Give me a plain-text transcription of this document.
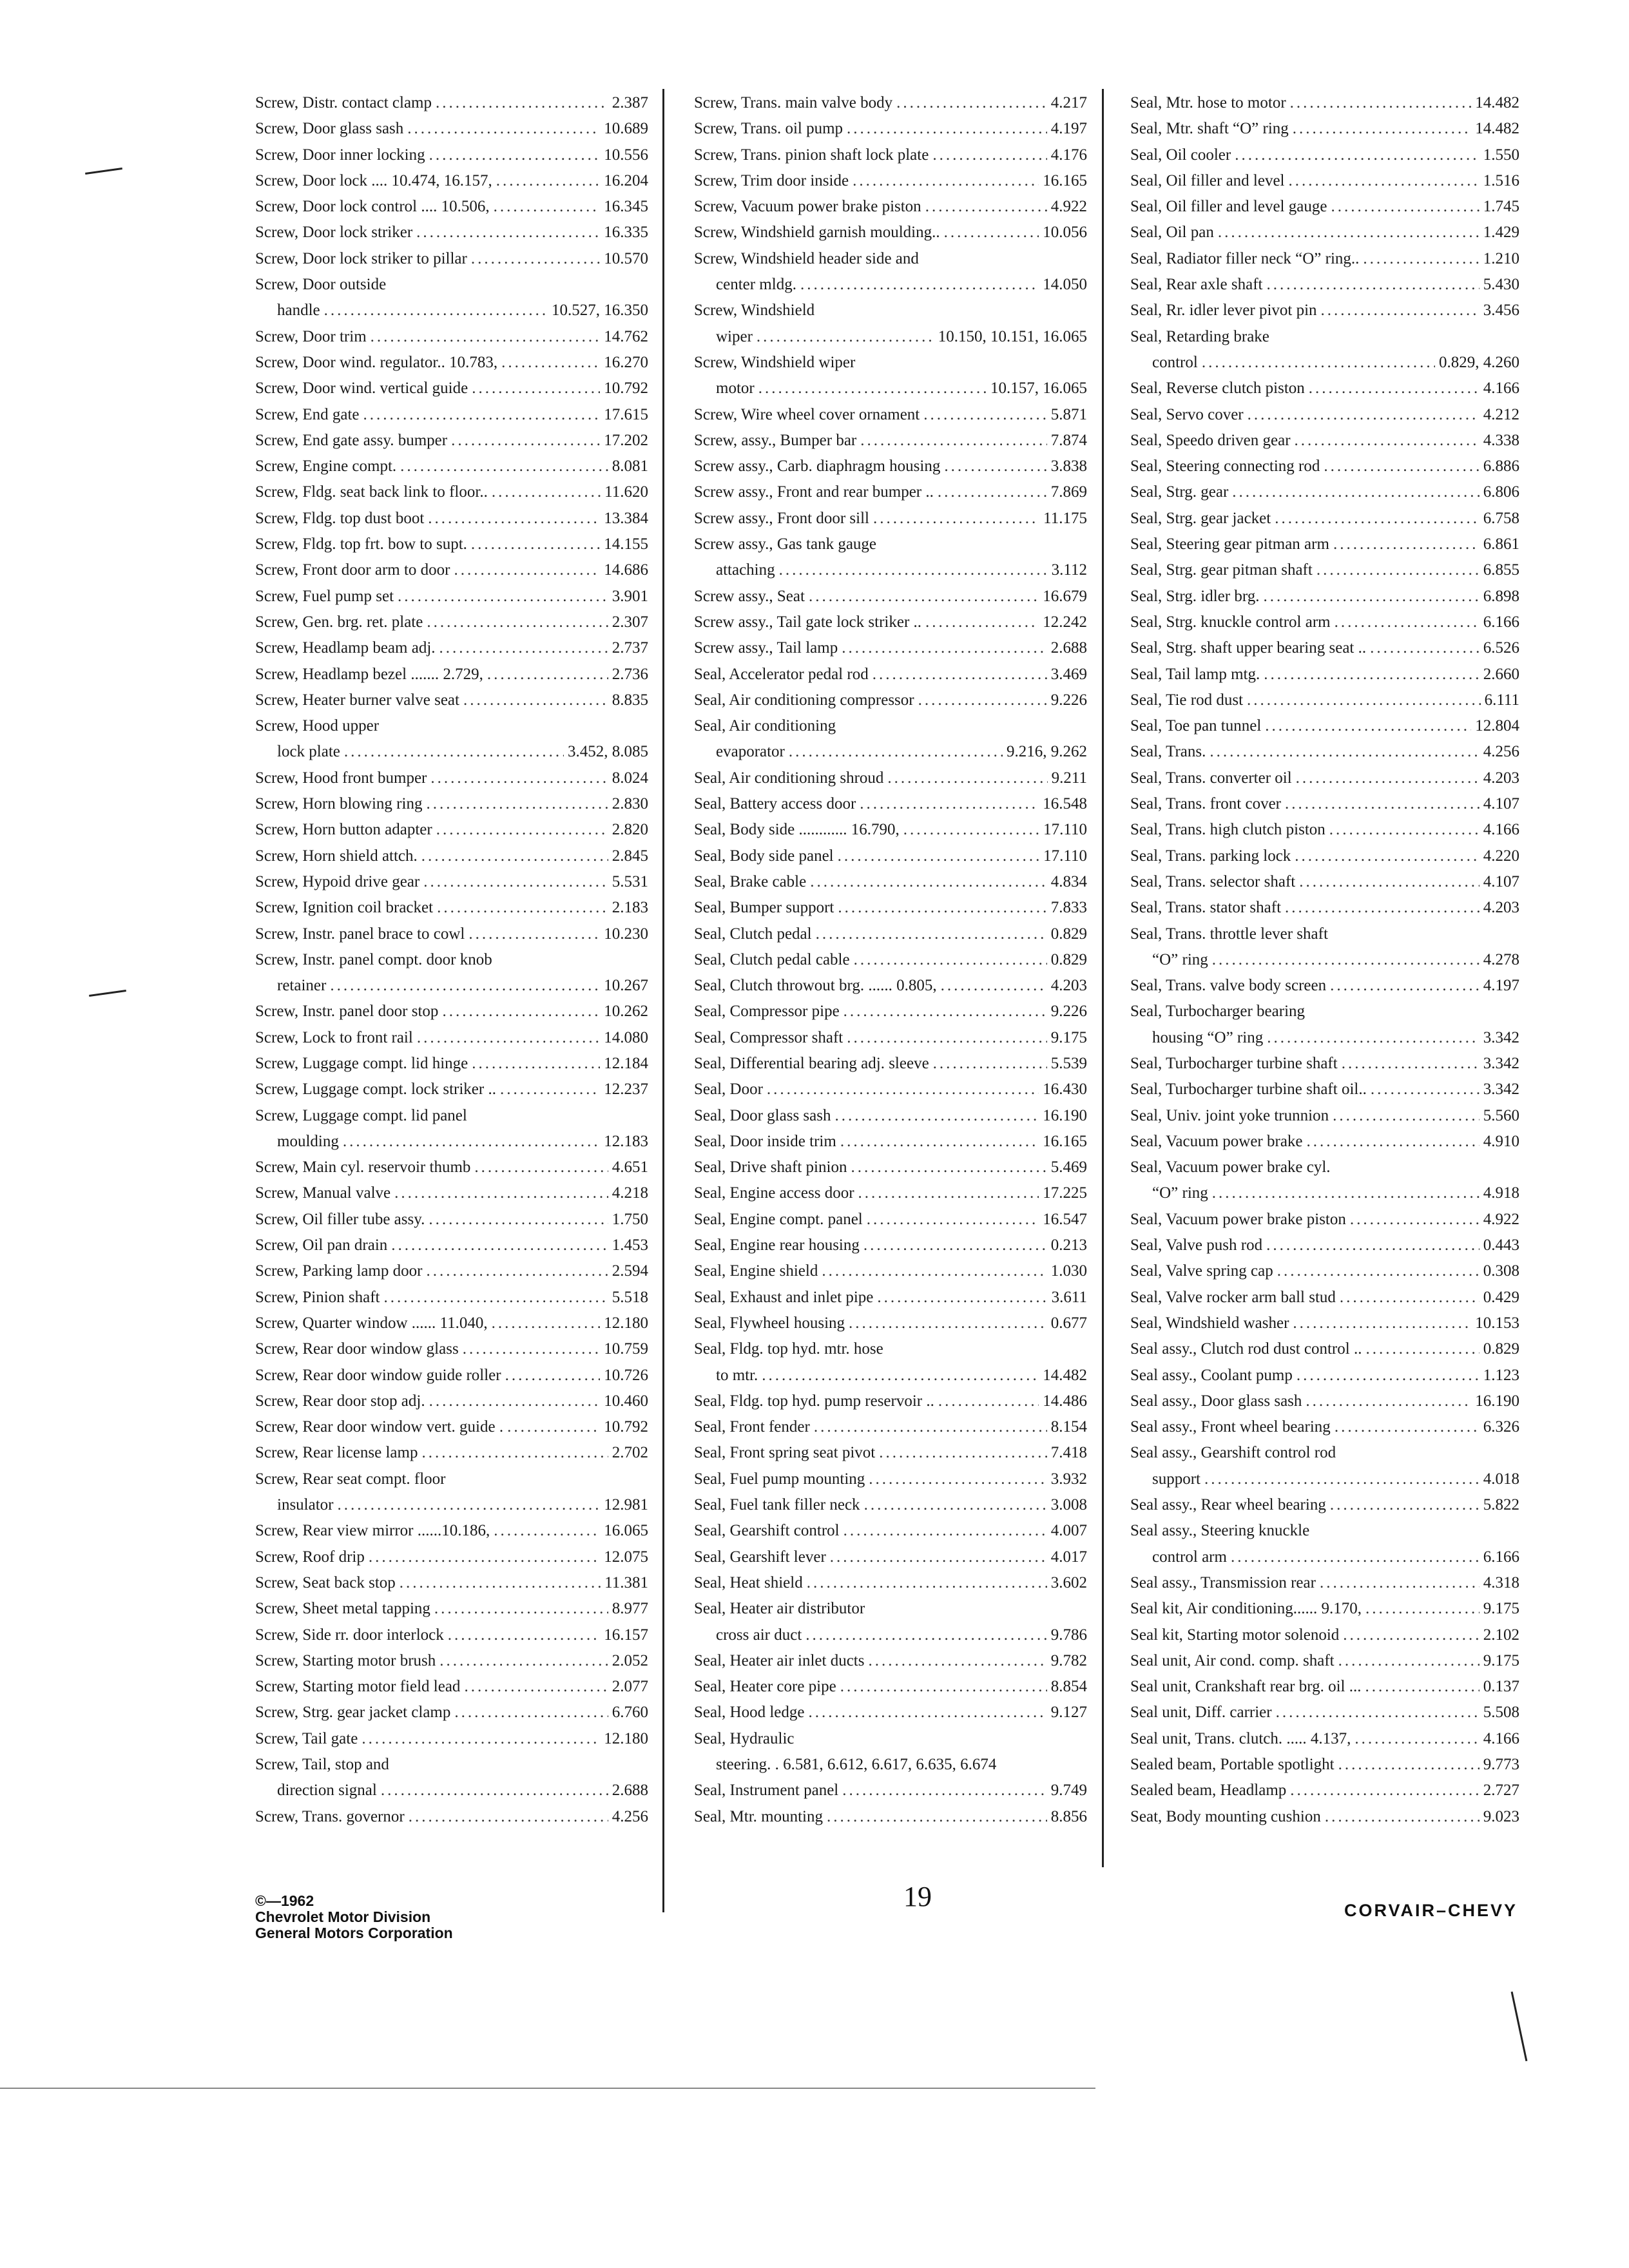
Screw, Distr. contact clamp .....	2.387
Screw, Door glass sash .....	10.689
Screw, Door inner locking .....	10.556
Screw, Door lock .... 10.474, 16.157, .....	16.204
Screw, Door lock control .... 10.506, .....	16.345
Screw, Door lock striker .....	16.335
Screw, Door lock striker to pillar .....	10.570
Screw, Door outside
handle .....	10.527, 16.350
Screw, Door trim .....	14.762
Screw, Door wind. regulator.. 10.783, .....	16.270
Screw, Door wind. vertical guide .....	10.792
Screw, End gate .....	17.615
Screw, End gate assy. bumper .....	17.202
Screw, Engine compt. .....	8.081
Screw, Fldg. seat back link to floor.. .....	11.620
Screw, Fldg. top dust boot .....	13.384
Screw, Fldg. top frt. bow to supt. .....	14.155
Screw, Front door arm to door .....	14.686
Screw, Fuel pump set .....	3.901
Screw, Gen. brg. ret. plate .....	2.307
Screw, Headlamp beam adj. .....	2.737
Screw, Headlamp bezel ....... 2.729, .....	2.736
Screw, Heater burner valve seat .....	8.835
Screw, Hood upper
lock plate .....	3.452, 8.085
Screw, Hood front bumper .....	8.024
Screw, Horn blowing ring .....	2.830
Screw, Horn button adapter .....	2.820
Screw, Horn shield attch. .....	2.845
Screw, Hypoid drive gear .....	5.531
Screw, Ignition coil bracket .....	2.183
Screw, Instr. panel brace to cowl .....	10.230
Screw, Instr. panel compt. door knob
retainer .....	10.267
Screw, Instr. panel door stop .....	10.262
Screw, Lock to front rail .....	14.080
Screw, Luggage compt. lid hinge .....	12.184
Screw, Luggage compt. lock striker .. .....	12.237
Screw, Luggage compt. lid panel
moulding .....	12.183
Screw, Main cyl. reservoir thumb .....	4.651
Screw, Manual valve .....	4.218
Screw, Oil filler tube assy. .....	1.750
Screw, Oil pan drain .....	1.453
Screw, Parking lamp door .....	2.594
Screw, Pinion shaft .....	5.518
Screw, Quarter window ...... 11.040, .....	12.180
Screw, Rear door window glass .....	10.759
Screw, Rear door window guide roller .....	10.726
Screw, Rear door stop adj. .....	10.460
Screw, Rear door window vert. guide . .....	10.792
Screw, Rear license lamp .....	2.702
Screw, Rear seat compt. floor
insulator .....	12.981
Screw, Rear view mirror ......10.186, .....	16.065
Screw, Roof drip .....	12.075
Screw, Seat back stop .....	11.381
Screw, Sheet metal tapping .....	8.977
Screw, Side rr. door interlock .....	16.157
Screw, Starting motor brush .....	2.052
Screw, Starting motor field lead .....	2.077
Screw, Strg. gear jacket clamp .....	6.760
Screw, Tail gate .....	12.180
Screw, Tail, stop and
direction signal .....	2.688
Screw, Trans. governor .....	4.256
Screw, Trans. main valve body .....	4.217
Screw, Trans. oil pump .....	4.197
Screw, Trans. pinion shaft lock plate .....	4.176
Screw, Trim door inside .....	16.165
Screw, Vacuum power brake piston .....	4.922
Screw, Windshield garnish moulding.. .....	10.056
Screw, Windshield header side and
center mldg. .....	14.050
Screw, Windshield
wiper .....	10.150, 10.151, 16.065
Screw, Windshield wiper
motor .....	10.157, 16.065
Screw, Wire wheel cover ornament .....	5.871
Screw, assy., Bumper bar .....	7.874
Screw assy., Carb. diaphragm housing .....	3.838
Screw assy., Front and rear bumper .. .....	7.869
Screw assy., Front door sill .....	11.175
Screw assy., Gas tank gauge
attaching .....	3.112
Screw assy., Seat .....	16.679
Screw assy., Tail gate lock striker .. .....	12.242
Screw assy., Tail lamp .....	2.688
Seal, Accelerator pedal rod .....	3.469
Seal, Air conditioning compressor .....	9.226
Seal, Air conditioning
evaporator .....	9.216, 9.262
Seal, Air conditioning shroud .....	9.211
Seal, Battery access door .....	16.548
Seal, Body side ............ 16.790, .....	17.110
Seal, Body side panel .....	17.110
Seal, Brake cable .....	4.834
Seal, Bumper support .....	7.833
Seal, Clutch pedal .....	0.829
Seal, Clutch pedal cable .....	0.829
Seal, Clutch throwout brg. ...... 0.805, .....	4.203
Seal, Compressor pipe .....	9.226
Seal, Compressor shaft .....	9.175
Seal, Differential bearing adj. sleeve .....	5.539
Seal, Door .....	16.430
Seal, Door glass sash .....	16.190
Seal, Door inside trim .....	16.165
Seal, Drive shaft pinion .....	5.469
Seal, Engine access door .....	17.225
Seal, Engine compt. panel .....	16.547
Seal, Engine rear housing .....	0.213
Seal, Engine shield .....	1.030
Seal, Exhaust and inlet pipe .....	3.611
Seal, Flywheel housing .....	0.677
Seal, Fldg. top hyd. mtr. hose
to mtr. .....	14.482
Seal, Fldg. top hyd. pump reservoir .. .....	14.486
Seal, Front fender .....	8.154
Seal, Front spring seat pivot .....	7.418
Seal, Fuel pump mounting .....	3.932
Seal, Fuel tank filler neck .....	3.008
Seal, Gearshift control .....	4.007
Seal, Gearshift lever .....	4.017
Seal, Heat shield .....	3.602
Seal, Heater air distributor
cross air duct .....	9.786
Seal, Heater air inlet ducts .....	9.782
Seal, Heater core pipe .....	8.854
Seal, Hood ledge .....	9.127
Seal, Hydraulic
steering. . 6.581, 6.612, 6.617, 6.635, 6.674
Seal, Instrument panel .....	9.749
Seal, Mtr. mounting .....	8.856
Seal, Mtr. hose to motor .....	14.482
Seal, Mtr. shaft “O” ring .....	14.482
Seal, Oil cooler .....	1.550
Seal, Oil filler and level .....	1.516
Seal, Oil filler and level gauge .....	1.745
Seal, Oil pan .....	1.429
Seal, Radiator filler neck “O” ring.. .....	1.210
Seal, Rear axle shaft .....	5.430
Seal, Rr. idler lever pivot pin .....	3.456
Seal, Retarding brake
control .....	0.829, 4.260
Seal, Reverse clutch piston .....	4.166
Seal, Servo cover .....	4.212
Seal, Speedo driven gear .....	4.338
Seal, Steering connecting rod .....	6.886
Seal, Strg. gear .....	6.806
Seal, Strg. gear jacket .....	6.758
Seal, Steering gear pitman arm .....	6.861
Seal, Strg. gear pitman shaft .....	6.855
Seal, Strg. idler brg. .....	6.898
Seal, Strg. knuckle control arm .....	6.166
Seal, Strg. shaft upper bearing seat .. .....	6.526
Seal, Tail lamp mtg. .....	2.660
Seal, Tie rod dust .....	6.111
Seal, Toe pan tunnel .....	12.804
Seal, Trans. .....	4.256
Seal, Trans. converter oil .....	4.203
Seal, Trans. front cover .....	4.107
Seal, Trans. high clutch piston .....	4.166
Seal, Trans. parking lock .....	4.220
Seal, Trans. selector shaft .....	4.107
Seal, Trans. stator shaft .....	4.203
Seal, Trans. throttle lever shaft
“O” ring .....	4.278
Seal, Trans. valve body screen .....	4.197
Seal, Turbocharger bearing
housing “O” ring .....	3.342
Seal, Turbocharger turbine shaft .....	3.342
Seal, Turbocharger turbine shaft oil.. .....	3.342
Seal, Univ. joint yoke trunnion .....	5.560
Seal, Vacuum power brake .....	4.910
Seal, Vacuum power brake cyl.
“O” ring .....	4.918
Seal, Vacuum power brake piston .....	4.922
Seal, Valve push rod .....	0.443
Seal, Valve spring cap .....	0.308
Seal, Valve rocker arm ball stud .....	0.429
Seal, Windshield washer .....	10.153
Seal assy., Clutch rod dust control .. .....	0.829
Seal assy., Coolant pump .....	1.123
Seal assy., Door glass sash .....	16.190
Seal assy., Front wheel bearing .....	6.326
Seal assy., Gearshift control rod
support .....	4.018
Seal assy., Rear wheel bearing .....	5.822
Seal assy., Steering knuckle
control arm .....	6.166
Seal assy., Transmission rear .....	4.318
Seal kit, Air conditioning...... 9.170, .....	9.175
Seal kit, Starting motor solenoid .....	2.102
Seal unit, Air cond. comp. shaft .....	9.175
Seal unit, Crankshaft rear brg. oil ... .....	0.137
Seal unit, Diff. carrier .....	5.508
Seal unit, Trans. clutch. ..... 4.137, .....	4.166
Sealed beam, Portable spotlight .....	9.773
Sealed beam, Headlamp .....	2.727
Seat, Body mounting cushion .....	9.023
©—1962
Chevrolet Motor Division
General Motors Corporation
19	CORVAIR–CHEVY
